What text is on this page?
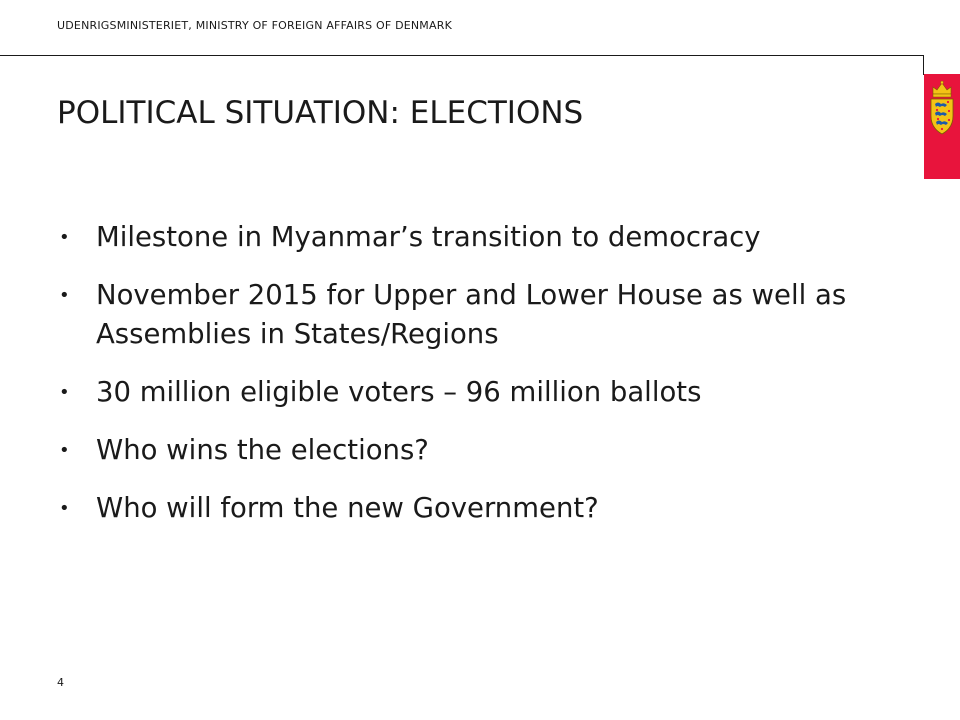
UDENRIGSMINISTERIET, MINISTRY OF FOREIGN AFFAIRS OF DENMARK
POLITICAL SITUATION: ELECTIONS
• Milestone in Myanmar’s transition to democracy
• November 2015 for Upper and Lower House as well as Assemblies in States/Regions
• 30 million eligible voters – 96 million ballots
• Who wins the elections?
• Who will form the new Government?
4
